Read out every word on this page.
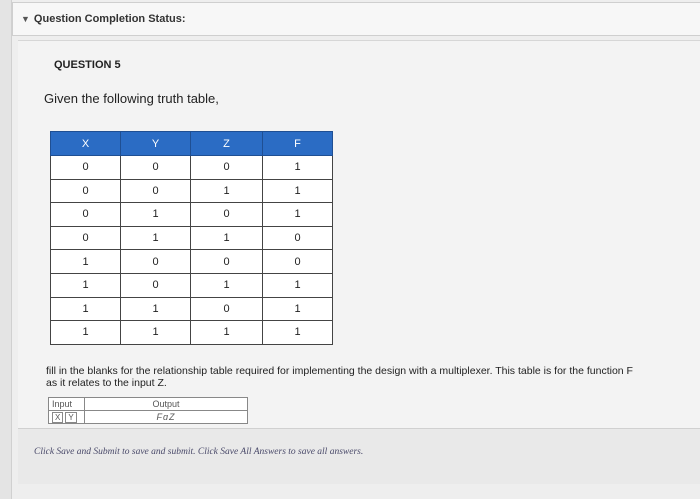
▼ Question Completion Status:
QUESTION 5
Given the following truth table,
X	Y	Z	F
0	0	0	1
0	0	1	1
0	1	0	1
0	1	1	0
1	0	0	0
1	0	1	1
1	1	0	1
1	1	1	1
fill in the blanks for the relationship table required for implementing the design with a multiplexer. This table is for the function F
as it relates to the input Z.
Input	Output

X Y	FɑZ
Click Save and Submit to save and submit. Click Save All Answers to save all answers.
